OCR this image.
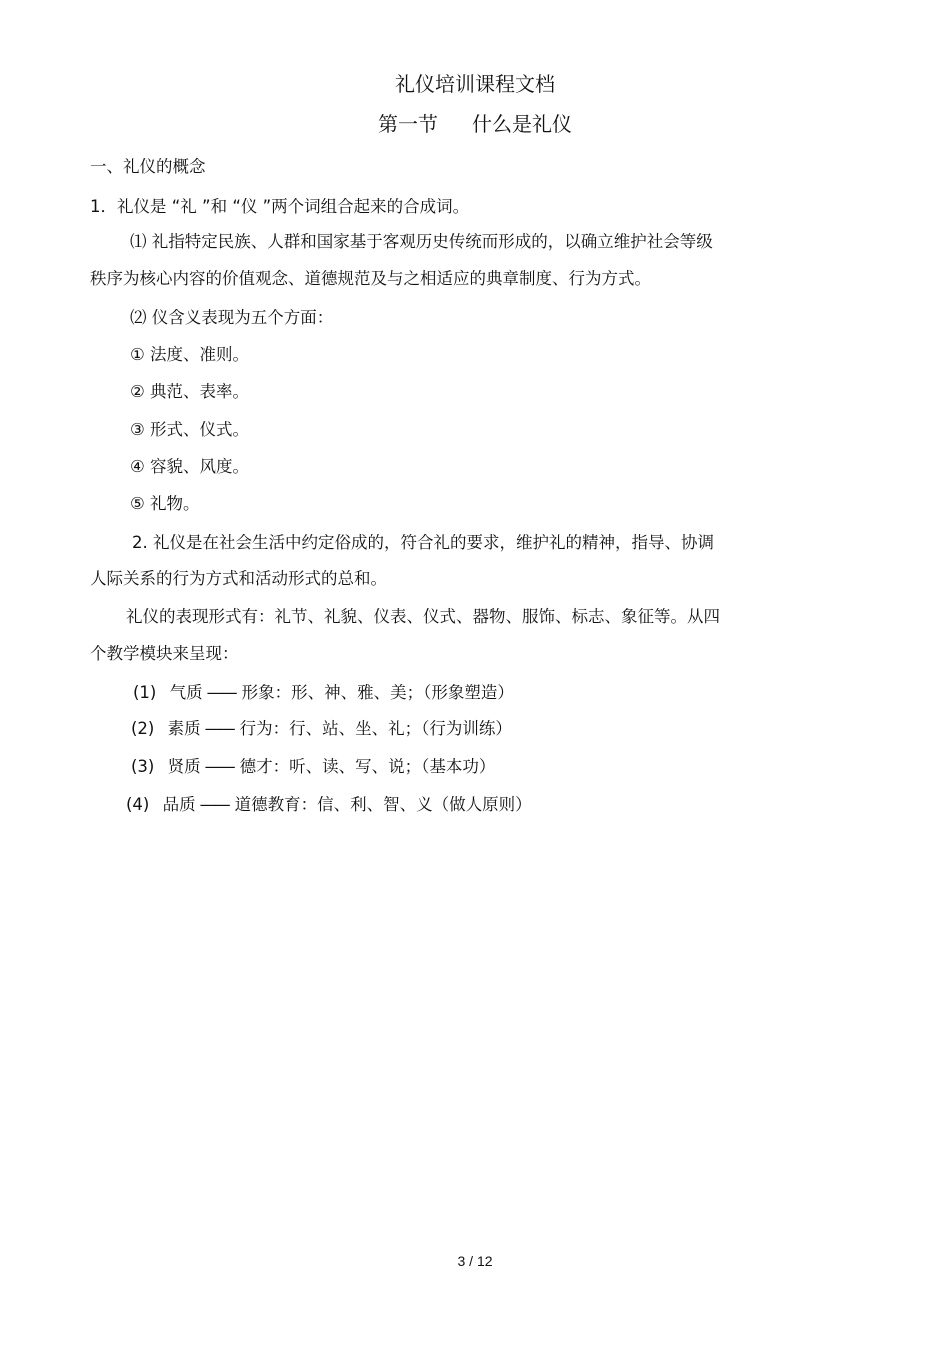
礼仪培训课程文档
第一节 什么是礼仪
一、礼仪的概念
1．礼仪是 “礼 ”和 “仪 ”两个词组合起来的合成词。
⑴ 礼指特定民族、人群和国家基于客观历史传统而形成的，以确立维护社会等级
秩序为核心内容的价值观念、道德规范及与之相适应的典章制度、行为方式。
⑵ 仪含义表现为五个方面：
① 法度、准则。
② 典范、表率。
③ 形式、仪式。
④ 容貌、风度。
⑤ 礼物。
2. 礼仪是在社会生活中约定俗成的，符合礼的要求，维护礼的精神，指导、协调
人际关系的行为方式和活动形式的总和。
礼仪的表现形式有：礼节、礼貌、仪表、仪式、器物、服饰、标志、象征等。从四
个教学模块来呈现：
(1) 气质 —— 形象：形、神、雅、美；（形象塑造）
(2) 素质 —— 行为：行、站、坐、礼；（行为训练）
(3) 贤质 —— 德才：听、读、写、说；（基本功）
(4) 品质 —— 道德教育：信、利、智、义（做人原则）
3 / 12
